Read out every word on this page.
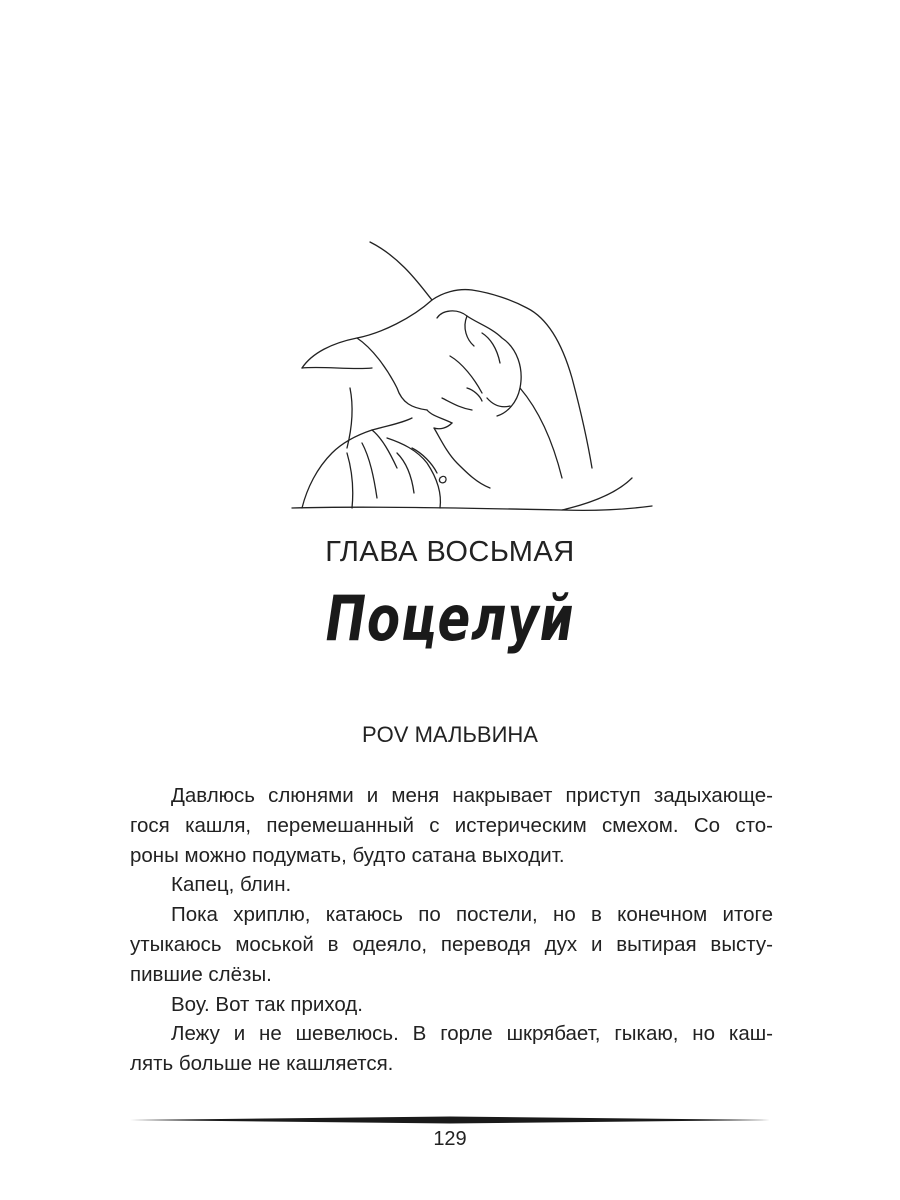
ГЛАВА ВОСЬМАЯ
Поцелуй
POV МАЛЬВИНА
Давлюсь слюнями и меня накрывает приступ задыхающе-
гося кашля, перемешанный с истерическим смехом. Со сто-
роны можно подумать, будто сатана выходит.
Капец, блин.
Пока хриплю, катаюсь по постели, но в конечном итоге
утыкаюсь моськой в одеяло, переводя дух и вытирая высту-
пившие слёзы.
Воу. Вот так приход.
Лежу и не шевелюсь. В горле шкрябает, гыкаю, но каш-
лять больше не кашляется.
129
